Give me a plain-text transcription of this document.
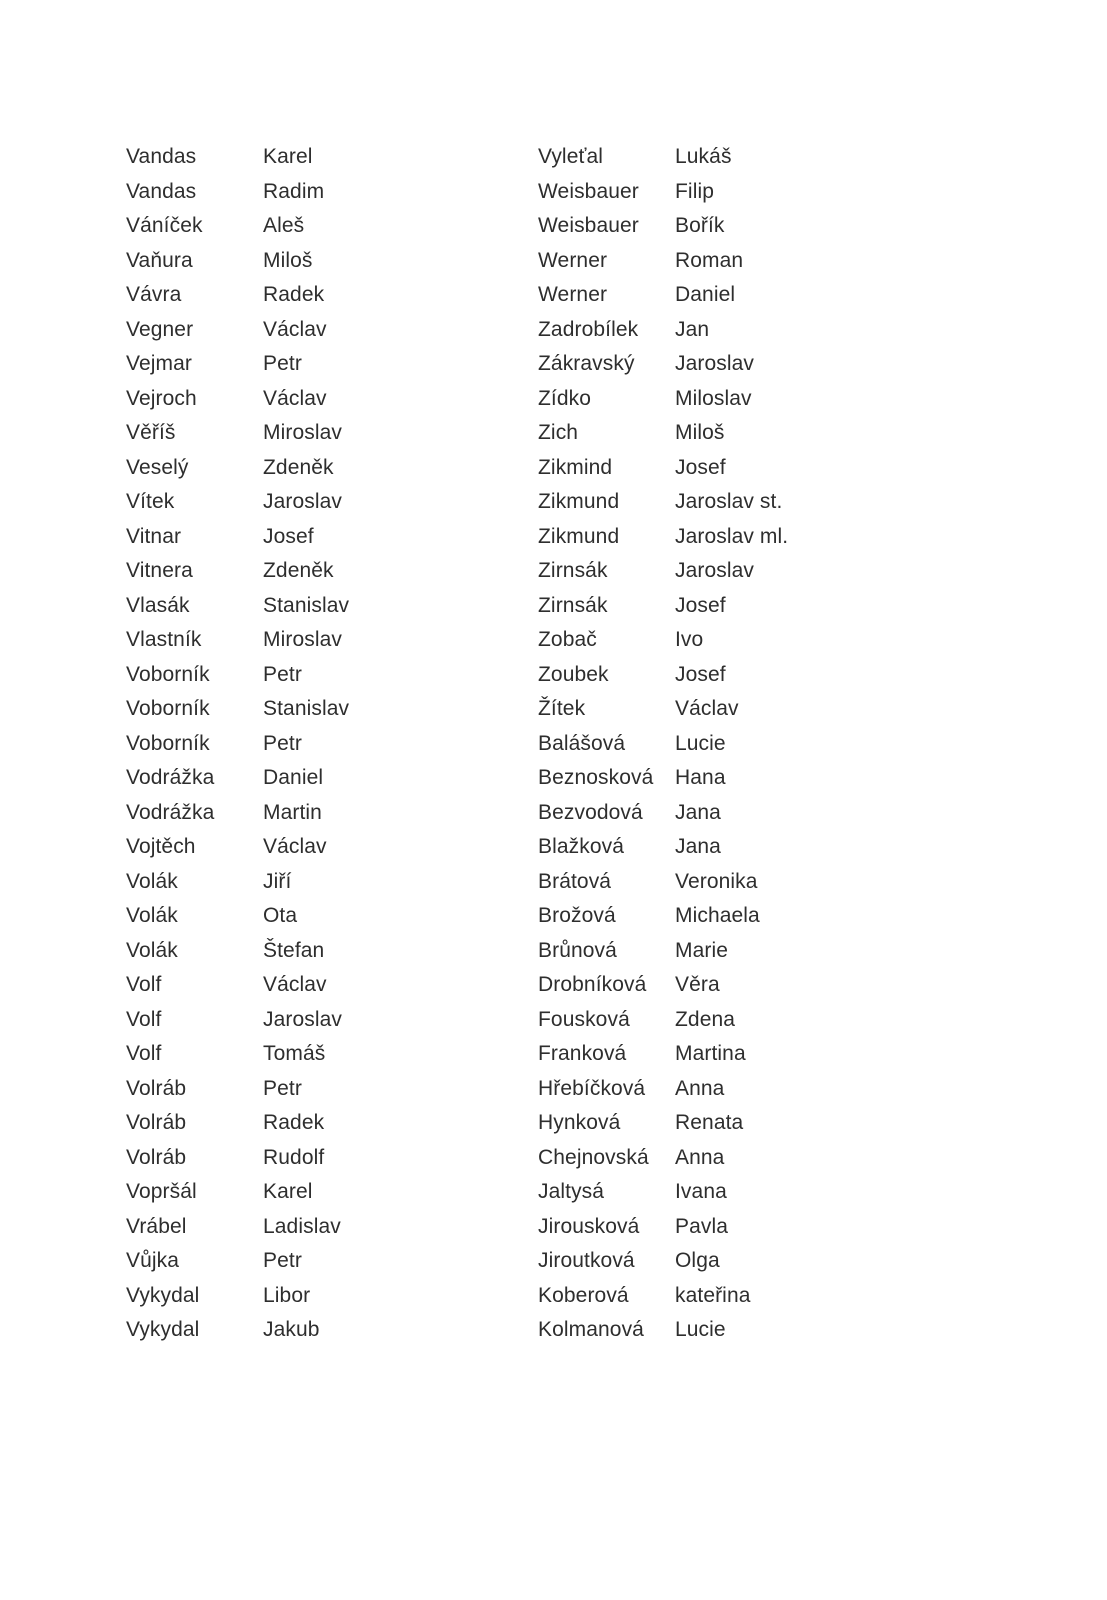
Vandas	Karel
Vandas	Radim
Váníček	Aleš
Vaňura	Miloš
Vávra	Radek
Vegner	Václav
Vejmar	Petr
Vejroch	Václav
Věříš	Miroslav
Veselý	Zdeněk
Vítek	Jaroslav
Vitnar	Josef
Vitnera	Zdeněk
Vlasák	Stanislav
Vlastník	Miroslav
Voborník	Petr
Voborník	Stanislav
Voborník	Petr
Vodrážka	Daniel
Vodrážka	Martin
Vojtěch	Václav
Volák	Jiří
Volák	Ota
Volák	Štefan
Volf	Václav
Volf	Jaroslav
Volf	Tomáš
Volráb	Petr
Volráb	Radek
Volráb	Rudolf
Vopršál	Karel
Vrábel	Ladislav
Vůjka	Petr
Vykydal	Libor
Vykydal	Jakub
Vyleťal	Lukáš
Weisbauer	Filip
Weisbauer	Bořík
Werner	Roman
Werner	Daniel
Zadrobílek	Jan
Zákravský	Jaroslav
Zídko	Miloslav
Zich	Miloš
Zikmind	Josef
Zikmund	Jaroslav st.
Zikmund	Jaroslav ml.
Zirnsák	Jaroslav
Zirnsák	Josef
Zobač	Ivo
Zoubek	Josef
Žítek	Václav
Balášová	Lucie
Beznosková	Hana
Bezvodová	Jana
Blažková	Jana
Brátová	Veronika
Brožová	Michaela
Brůnová	Marie
Drobníková	Věra
Fousková	Zdena
Franková	Martina
Hřebíčková	Anna
Hynková	Renata
Chejnovská	Anna
Jaltysá	Ivana
Jirousková	Pavla
Jiroutková	Olga
Koberová	kateřina
Kolmanová	Lucie
